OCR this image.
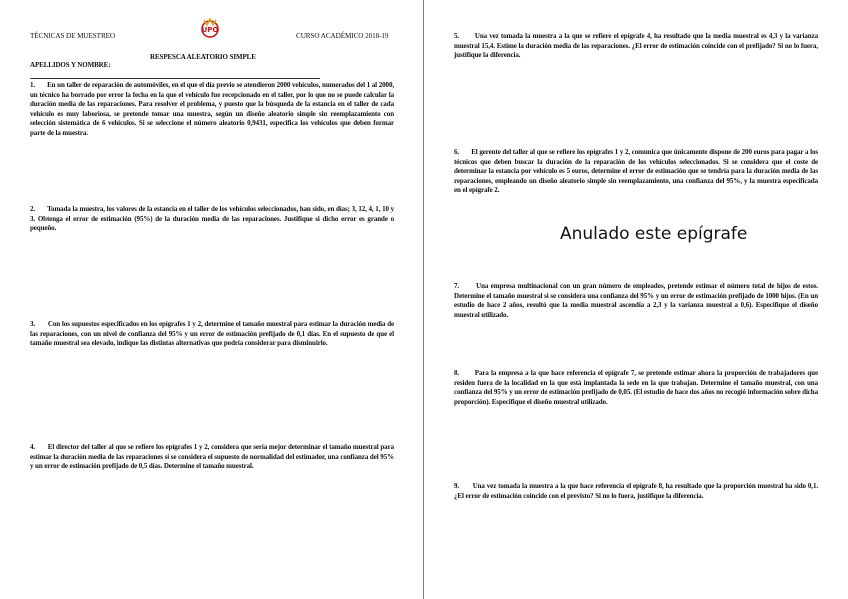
TÉCNICAS DE MUESTREO
UPO
CURSO ACADÉMICO 2018-19
RESPESCA ALEATORIO SIMPLE
APELLIDOS Y NOMBRE:
1. En un taller de reparación de automóviles, en el que el día previo se atendieron 2000 vehículos, numerados del 1 al 2000, un técnico ha borrado por error la fecha en la que el vehículo fue recepcionado en el taller, por lo que no se puede calcular la duración media de las reparaciones. Para resolver el problema, y puesto que la búsqueda de la estancia en el taller de cada vehículo es muy laboriosa, se pretende tomar una muestra, según un diseño aleatorio simple sin reemplazamiento con selección sistemática de 6 vehículos. Si se seleccione el número aleatorio 0,9431, especifica los vehículos que deben formar parte de la muestra.
2. Tomada la muestra, los valores de la estancia en el taller de los vehículos seleccionados, han sido, en días; 3, 12, 4, 1, 10 y 3. Obtenga el error de estimación (95%) de la duración media de las reparaciones. Justifique si dicho error es grande o pequeño.
3. Con los supuestos especificados en los epígrafes 1 y 2, determine el tamaño muestral para estimar la duración media de las reparaciones, con un nivel de confianza del 95% y un error de estimación prefijado de 0,1 días. En el supuesto de que el tamaño muestral sea elevado, indique las distintas alternativas que podría considerar para disminuirlo.
4. El director del taller al que se refiere los epígrafes 1 y 2, considera que sería mejor determinar el tamaño muestral para estimar la duración media de las reparaciones si se considera el supuesto de normalidad del estimador, una confianza del 95% y un error de estimación prefijado de 0,5 días. Determine el tamaño muestral.
5. Una vez tomada la muestra a la que se refiere el epígrafe 4, ha resultado que la media muestral es 4,3 y la varianza muestral 15,4. Estime la duración media de las reparaciones. ¿El error de estimación coincide con el prefijado? Si no lo fuera, justifique la diferencia.
6. El gerente del taller al que se refiere los epígrafes 1 y 2, comunica que únicamente dispone de 200 euros para pagar a los técnicos que deben buscar la duración de la reparación de los vehículos seleccionados. Si se considera que el coste de determinar la estancia por vehículo es 5 euros, determine el error de estimación que se tendría para la duración media de las reparaciones, empleando un diseño aleatorio simple sin reemplazamiento, una confianza del 95%, y la muestra especificada en el epígrafe 2.
Anulado este epígrafe
7. Una empresa multinacional con un gran número de empleados, pretende estimar el número total de hijos de estos. Determine el tamaño muestral si se considera una confianza del 95% y un error de estimación prefijado de 1000 hijos. (En un estudio de hace 2 años, resultó que la media muestral ascendía a 2,3 y la varianza muestral a 0,6). Especifique el diseño muestral utilizado.
8. Para la empresa a la que hace referencia el epígrafe 7, se pretende estimar ahora la proporción de trabajadores que residen fuera de la localidad en la que está implantada la sede en la que trabajan. Determine el tamaño muestral, con una confianza del 95% y un error de estimación prefijado de 0,05. (El estudio de hace dos años no recogió información sobre dicha proporción). Especifique el diseño muestral utilizado.
9. Una vez tomada la muestra a la que hace referencia el epígrafe 8, ha resultado que la proporción muestral ha sido 0,1. ¿El error de estimación coincide con el previsto? Si no lo fuera, justifique la diferencia.
